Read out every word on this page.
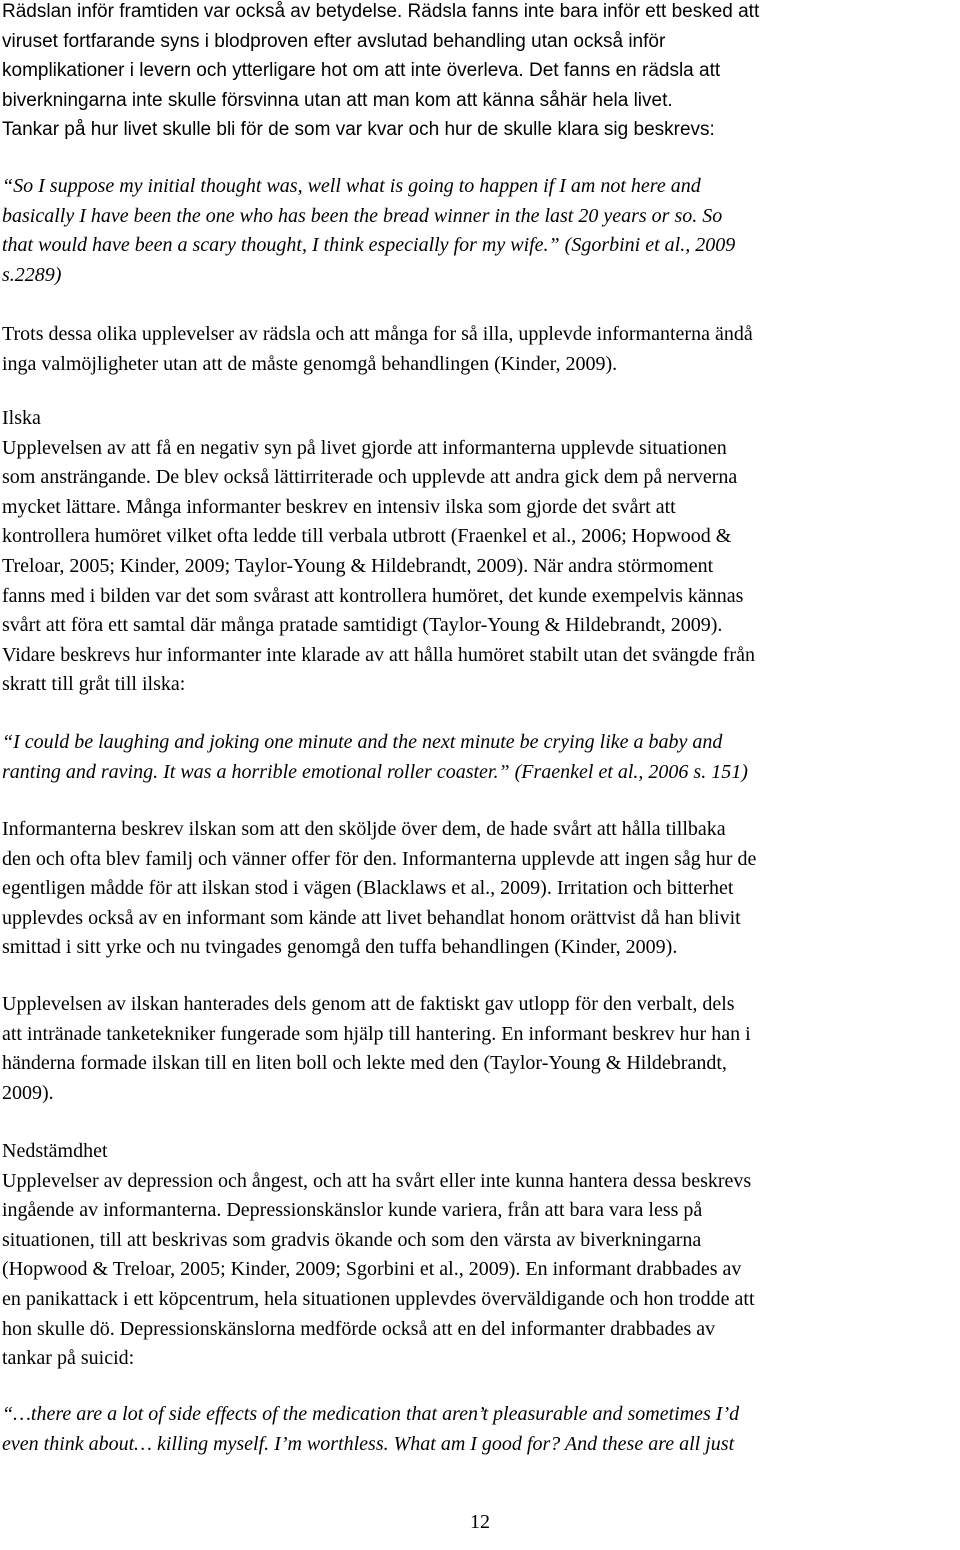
Rädslan inför framtiden var också av betydelse. Rädsla fanns inte bara inför ett besked att
viruset fortfarande syns i blodproven efter avslutad behandling utan också inför
komplikationer i levern och ytterligare hot om att inte överleva. Det fanns en rädsla att
biverkningarna inte skulle försvinna utan att man kom att känna såhär hela livet.
Tankar på hur livet skulle bli för de som var kvar och hur de skulle klara sig beskrevs:

“So I suppose my initial thought was, well what is going to happen if I am not here and
basically I have been the one who has been the bread winner in the last 20 years or so. So
that would have been a scary thought, I think especially for my wife.” (Sgorbini et al., 2009
s.2289)

Trots dessa olika upplevelser av rädsla och att många for så illa, upplevde informanterna ändå
inga valmöjligheter utan att de måste genomgå behandlingen (Kinder, 2009).

Ilska
Upplevelsen av att få en negativ syn på livet gjorde att informanterna upplevde situationen
som ansträngande. De blev också lättirriterade och upplevde att andra gick dem på nerverna
mycket lättare. Många informanter beskrev en intensiv ilska som gjorde det svårt att
kontrollera humöret vilket ofta ledde till verbala utbrott (Fraenkel et al., 2006; Hopwood &
Treloar, 2005; Kinder, 2009; Taylor-Young & Hildebrandt, 2009). När andra störmoment
fanns med i bilden var det som svårast att kontrollera humöret, det kunde exempelvis kännas
svårt att föra ett samtal där många pratade samtidigt (Taylor-Young & Hildebrandt, 2009).
Vidare beskrevs hur informanter inte klarade av att hålla humöret stabilt utan det svängde från
skratt till gråt till ilska:

“I could be laughing and joking one minute and the next minute be crying like a baby and
ranting and raving. It was a horrible emotional roller coaster.” (Fraenkel et al., 2006 s. 151)

Informanterna beskrev ilskan som att den sköljde över dem, de hade svårt att hålla tillbaka
den och ofta blev familj och vänner offer för den. Informanterna upplevde att ingen såg hur de
egentligen mådde för att ilskan stod i vägen (Blacklaws et al., 2009). Irritation och bitterhet
upplevdes också av en informant som kände att livet behandlat honom orättvist då han blivit
smittad i sitt yrke och nu tvingades genomgå den tuffa behandlingen (Kinder, 2009).

Upplevelsen av ilskan hanterades dels genom att de faktiskt gav utlopp för den verbalt, dels
att intränade tanketekniker fungerade som hjälp till hantering. En informant beskrev hur han i
händerna formade ilskan till en liten boll och lekte med den (Taylor-Young & Hildebrandt,
2009).

Nedstämdhet
Upplevelser av depression och ångest, och att ha svårt eller inte kunna hantera dessa beskrevs
ingående av informanterna. Depressionskänslor kunde variera, från att bara vara less på
situationen, till att beskrivas som gradvis ökande och som den värsta av biverkningarna
(Hopwood & Treloar, 2005; Kinder, 2009; Sgorbini et al., 2009). En informant drabbades av
en panikattack i ett köpcentrum, hela situationen upplevdes överväldigande och hon trodde att
hon skulle dö. Depressionskänslorna medförde också att en del informanter drabbades av
tankar på suicid:

“…there are a lot of side effects of the medication that aren’t pleasurable and sometimes I’d
even think about… killing myself. I’m worthless. What am I good for? And these are all just

12
